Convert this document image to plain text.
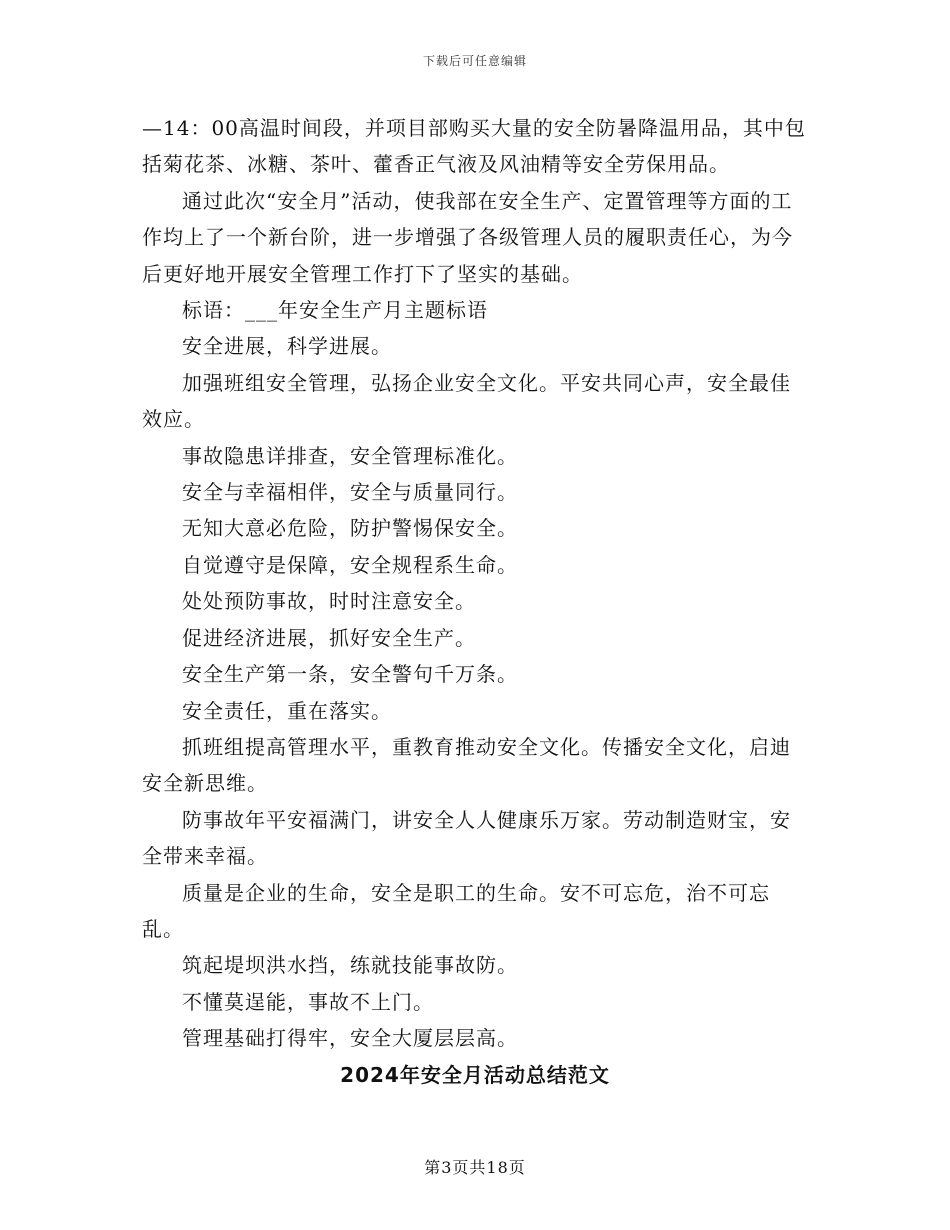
下载后可任意编辑

—14：00高温时间段，并项目部购买大量的安全防暑降温用品，其中包括菊花茶、冰糖、茶叶、藿香正气液及风油精等安全劳保用品。

通过此次“安全月”活动，使我部在安全生产、定置管理等方面的工作均上了一个新台阶，进一步增强了各级管理人员的履职责任心，为今后更好地开展安全管理工作打下了坚实的基础。

标语：___年安全生产月主题标语

安全进展，科学进展。

加强班组安全管理，弘扬企业安全文化。平安共同心声，安全最佳效应。

事故隐患详排查，安全管理标准化。

安全与幸福相伴，安全与质量同行。

无知大意必危险，防护警惕保安全。

自觉遵守是保障，安全规程系生命。

处处预防事故，时时注意安全。

促进经济进展，抓好安全生产。

安全生产第一条，安全警句千万条。

安全责任，重在落实。

抓班组提高管理水平，重教育推动安全文化。传播安全文化，启迪安全新思维。

防事故年平安福满门，讲安全人人健康乐万家。劳动制造财宝，安全带来幸福。

质量是企业的生命，安全是职工的生命。安不可忘危，治不可忘乱。

筑起堤坝洪水挡，练就技能事故防。

不懂莫逞能，事故不上门。

管理基础打得牢，安全大厦层层高。

2024年安全月活动总结范文

第3页共18页
